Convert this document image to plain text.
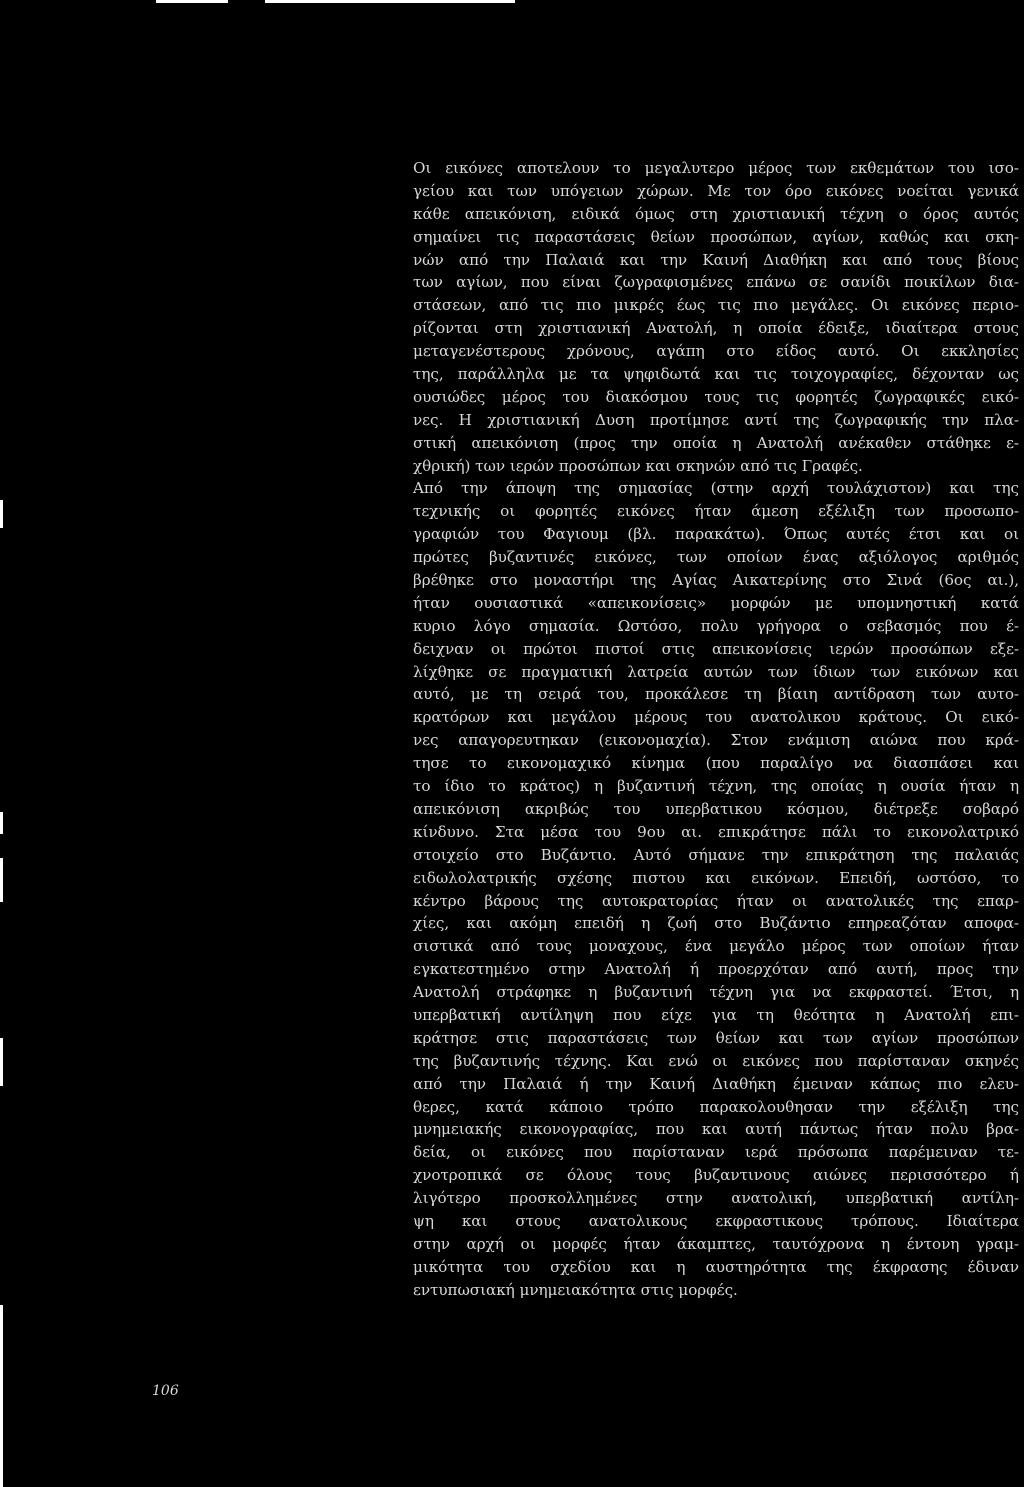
Οι εικόνες αποτελουν το μεγαλυτερο μέρος των εκθεμάτων του ισο-
γείου και των υπόγειων χώρων. Με τον όρο εικόνες νοείται γενικά
κάθε απεικόνιση, ειδικά όμως στη χριστιανική τέχνη ο όρος αυτός
σημαίνει τις παραστάσεις θείων προσώπων, αγίων, καθώς και σκη-
νών από την Παλαιά και την Καινή Διαθήκη και από τους βίους
των αγίων, που είναι ζωγραφισμένες επάνω σε σανίδι ποικίλων δια-
στάσεων, από τις πιο μικρές έως τις πιο μεγάλες. Οι εικόνες περιο-
ρίζονται στη χριστιανική Ανατολή, η οποία έδειξε, ιδιαίτερα στους
μεταγενέστερους χρόνους, αγάπη στο είδος αυτό. Οι εκκλησίες
της, παράλληλα με τα ψηφιδωτά και τις τοιχογραφίες, δέχονταν ως
ουσιώδες μέρος του διακόσμου τους τις φορητές ζωγραφικές εικό-
νες. Η χριστιανική Δυση προτίμησε αντί της ζωγραφικής την πλα-
στική απεικόνιση (προς την οποία η Ανατολή ανέκαθεν στάθηκε ε-
χθρική) των ιερών προσώπων και σκηνών από τις Γραφές.
Από την άποψη της σημασίας (στην αρχή τουλάχιστον) και της
τεχνικής οι φορητές εικόνες ήταν άμεση εξέλιξη των προσωπο-
γραφιών του Φαγιουμ (βλ. παρακάτω). Όπως αυτές έτσι και οι
πρώτες βυζαντινές εικόνες, των οποίων ένας αξιόλογος αριθμός
βρέθηκε στο μοναστήρι της Αγίας Αικατερίνης στο Σινά (6ος αι.),
ήταν ουσιαστικά «απεικονίσεις» μορφών με υπομνηστική κατά
κυριο λόγο σημασία. Ωστόσο, πολυ γρήγορα ο σεβασμός που έ-
δειχναν οι πρώτοι πιστοί στις απεικονίσεις ιερών προσώπων εξε-
λίχθηκε σε πραγματική λατρεία αυτών των ίδιων των εικόνων και
αυτό, με τη σειρά του, προκάλεσε τη βίαιη αντίδραση των αυτο-
κρατόρων και μεγάλου μέρους του ανατολικου κράτους. Οι εικό-
νες απαγορευτηκαν (εικονομαχία). Στον ενάμιση αιώνα που κρά-
τησε το εικονομαχικό κίνημα (που παραλίγο να διασπάσει και
το ίδιο το κράτος) η βυζαντινή τέχνη, της οποίας η ουσία ήταν η
απεικόνιση ακριβώς του υπερβατικου κόσμου, διέτρεξε σοβαρό
κίνδυνο. Στα μέσα του 9ου αι. επικράτησε πάλι το εικονολατρικό
στοιχείο στο Βυζάντιο. Αυτό σήμανε την επικράτηση της παλαιάς
ειδωλολατρικής σχέσης πιστου και εικόνων. Επειδή, ωστόσο, το
κέντρο βάρους της αυτοκρατορίας ήταν οι ανατολικές της επαρ-
χίες, και ακόμη επειδή η ζωή στο Βυζάντιο επηρεαζόταν αποφα-
σιστικά από τους μοναχους, ένα μεγάλο μέρος των οποίων ήταν
εγκατεστημένο στην Ανατολή ή προερχόταν από αυτή, προς την
Ανατολή στράφηκε η βυζαντινή τέχνη για να εκφραστεί. Έτσι, η
υπερβατική αντίληψη που είχε για τη θεότητα η Ανατολή επι-
κράτησε στις παραστάσεις των θείων και των αγίων προσώπων
της βυζαντινής τέχνης. Και ενώ οι εικόνες που παρίσταναν σκηνές
από την Παλαιά ή την Καινή Διαθήκη έμειναν κάπως πιο ελευ-
θερες, κατά κάποιο τρόπο παρακολουθησαν την εξέλιξη της
μνημειακής εικονογραφίας, που και αυτή πάντως ήταν πολυ βρα-
δεία, οι εικόνες που παρίσταναν ιερά πρόσωπα παρέμειναν τε-
χνοτροπικά σε όλους τους βυζαντινους αιώνες περισσότερο ή
λιγότερο προσκολλημένες στην ανατολική, υπερβατική αντίλη-
ψη και στους ανατολικους εκφραστικους τρόπους. Ιδιαίτερα
στην αρχή οι μορφές ήταν άκαμπτες, ταυτόχρονα η έντονη γραμ-
μικότητα του σχεδίου και η αυστηρότητα της έκφρασης έδιναν
εντυπωσιακή μνημειακότητα στις μορφές.
106
